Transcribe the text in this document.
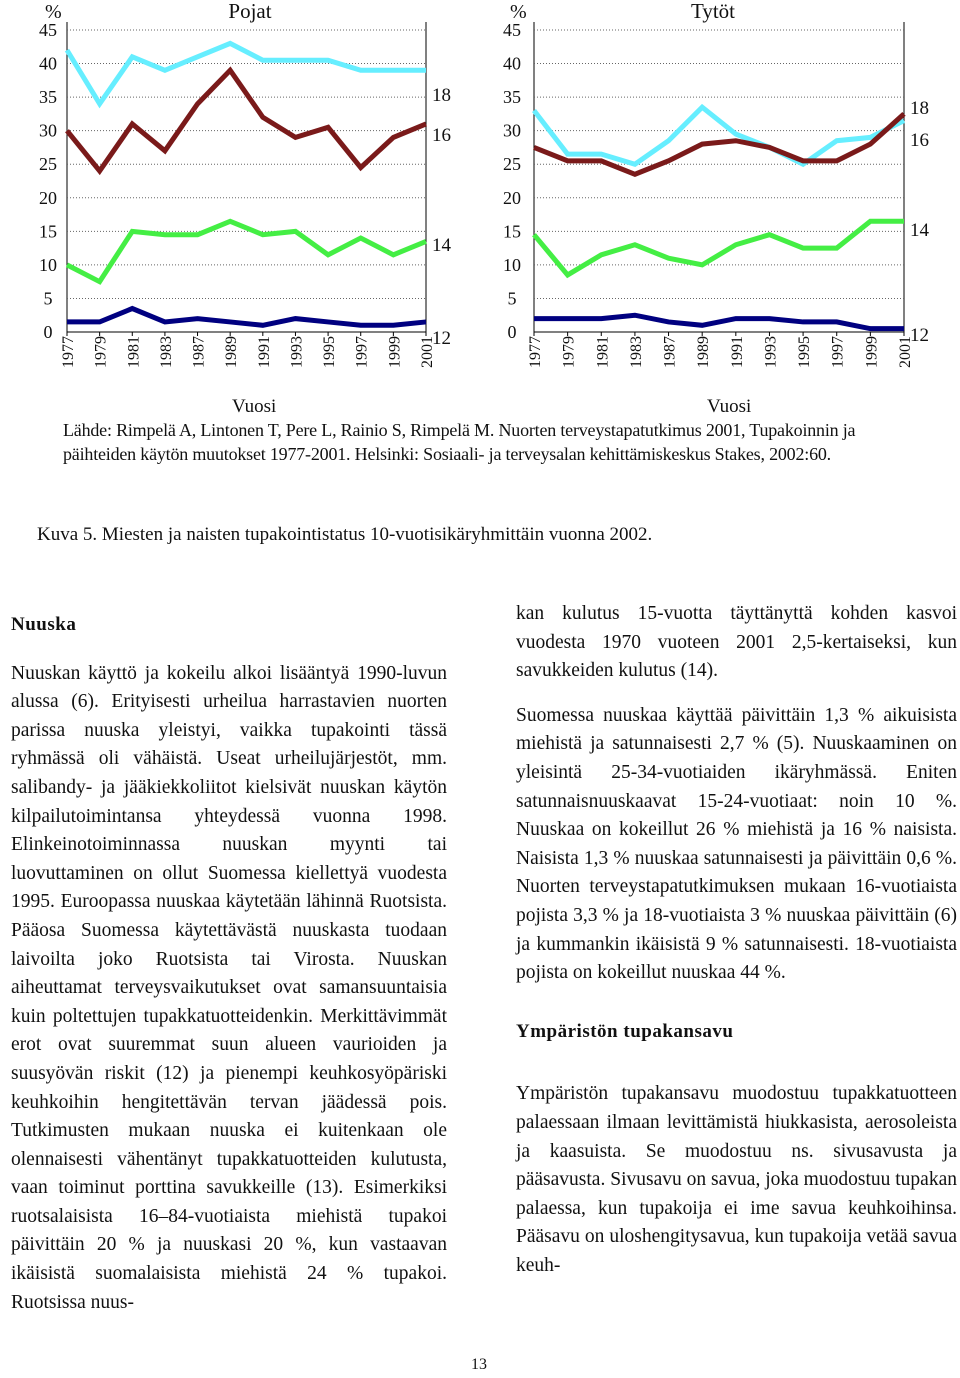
%	Pojat
0
5
10
15
20
25
30
35
40
45
1977 1979 1981 1983 1987 1989 1991 1993 1995 1997 1999 2001
18
16
14
12
%	Tytöt
0
5
10
15
20
25
30
35
40
45
1977 1979 1981 1983 1987 1989 1991 1993 1995 1997 1999 2001
18
16
14
12
Vuosi	Vuosi
Lähde: Rimpelä A, Lintonen T, Pere L, Rainio S, Rimpelä M. Nuorten terveystapatutkimus 2001, Tupakoinnin ja päihteiden käytön muutokset 1977-2001. Helsinki: Sosiaali- ja terveysalan kehittämiskeskus Stakes, 2002:60.
Kuva 5. Miesten ja naisten tupakointistatus 10-vuotisikäryhmittäin vuonna 2002.
Nuuska

Nuuskan käyttö ja kokeilu alkoi lisääntyä 1990-luvun alussa (6). Erityisesti urheilua harrastavien nuorten parissa nuuska yleistyi, vaikka tupakointi tässä ryhmässä oli vähäistä. Useat urheilujärjestöt, mm. salibandy- ja jääkiekkoliitot kielsivät nuuskan käytön kilpailutoimintansa yhteydessä vuonna 1998. Elinkeinotoiminnassa nuuskan myynti tai luovuttaminen on ollut Suomessa kiellettyä vuodesta 1995. Euroopassa nuuskaa käytetään lähinnä Ruotsista. Pääosa Suomessa käytettävästä nuuskasta tuodaan laivoilta joko Ruotsista tai Virosta. Nuuskan aiheuttamat terveysvaikutukset ovat samansuuntaisia kuin poltettujen tupakkatuotteidenkin. Merkittävimmät erot ovat suuremmat suun alueen vaurioiden ja suusyövän riskit (12) ja pienempi keuhkosyöpäriski keuhkoihin hengitettävän tervan jäädessä pois. Tutkimusten mukaan nuuska ei kuitenkaan ole olennaisesti vähentänyt tupakkatuotteiden kulutusta, vaan toiminut porttina savukkeille (13). Esimerkiksi ruotsalaisista 16–84-vuotiaista miehistä tupakoi päivittäin 20 % ja nuuskasi 20 %, kun vastaavan ikäisistä suomalaisista miehistä 24 % tupakoi. Ruotsissa nuus-

kan kulutus 15-vuotta täyttänyttä kohden kasvoi vuodesta 1970 vuoteen 2001 2,5-kertaiseksi, kun savukkeiden kulutus (14).

Suomessa nuuskaa käyttää päivittäin 1,3 % aikuisista miehistä ja satunnaisesti 2,7 % (5). Nuuskaaminen on yleisintä 25-34-vuotiaiden ikäryhmässä. Eniten satunnaisnuuskaavat 15-24-vuotiaat: noin 10 %. Nuuskaa on kokeillut 26 % miehistä ja 16 % naisista. Naisista 1,3 % nuuskaa satunnaisesti ja päivittäin 0,6 %. Nuorten terveystapatutkimuksen mukaan 16-vuotiaista pojista 3,3 % ja 18-vuotiaista 3 % nuuskaa päivittäin (6) ja kummankin ikäisistä 9 % satunnaisesti. 18-vuotiaista pojista on kokeillut nuuskaa 44 %.

Ympäristön tupakansavu

Ympäristön tupakansavu muodostuu tupakkatuotteen palaessaan ilmaan levittämistä hiukkasista, aerosoleista ja kaasuista. Se muodostuu ns. sivusavusta ja pääsavusta. Sivusavu on savua, joka muodostuu tupakan palaessa, kun tupakoija ei ime savua keuhkoihinsa. Pääsavu on uloshengitysavua, kun tupakoija vetää savua keuh-

13
